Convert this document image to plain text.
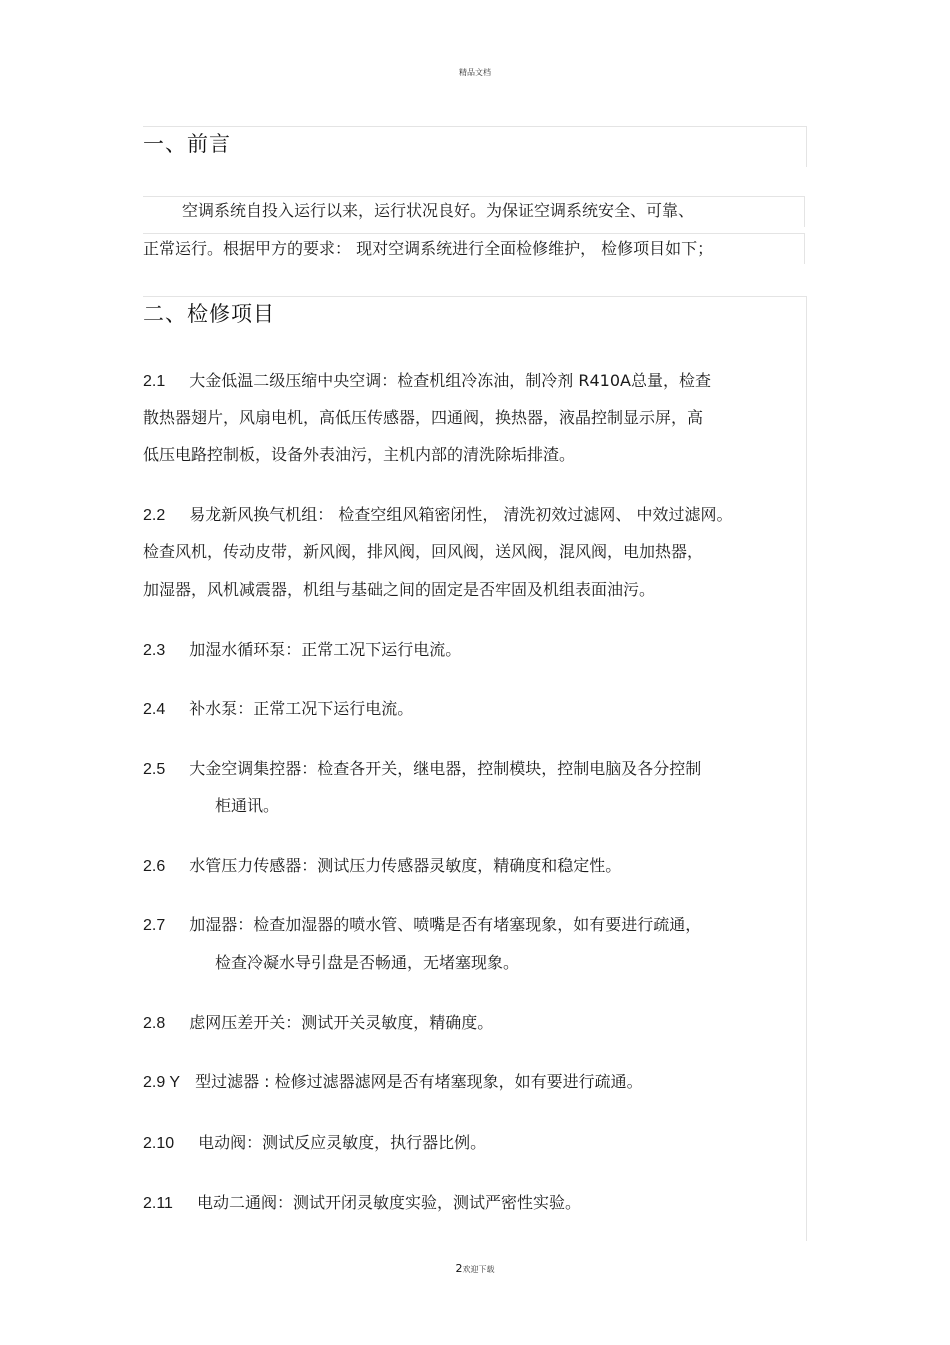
精品文档
一、前言
空调系统自投入运行以来，运行状况良好。为保证空调系统安全、可靠、
正常运行。根据甲方的要求： 现对空调系统进行全面检修维护， 检修项目如下；
二、检修项目
2.1 大金低温二级压缩中央空调：检查机组冷冻油，制冷剂 R410A总量，检查
散热器翅片，风扇电机，高低压传感器，四通阀，换热器，液晶控制显示屏，高
低压电路控制板，设备外表油污，主机内部的清洗除垢排渣。
2.2 易龙新风换气机组： 检查空组风箱密闭性， 清洗初效过滤网、 中效过滤网。
检查风机，传动皮带，新风阀，排风阀，回风阀，送风阀，混风阀，电加热器，
加湿器，风机减震器，机组与基础之间的固定是否牢固及机组表面油污。
2.3 加湿水循环泵：正常工况下运行电流。
2.4 补水泵：正常工况下运行电流。
2.5 大金空调集控器：检查各开关，继电器，控制模块，控制电脑及各分控制
柜通讯。
2.6 水管压力传感器：测试压力传感器灵敏度，精确度和稳定性。
2.7 加湿器：检查加湿器的喷水管、喷嘴是否有堵塞现象，如有要进行疏通，
检查冷凝水导引盘是否畅通，无堵塞现象。
2.8 虑网压差开关：测试开关灵敏度，精确度。
2.9 Y 型过滤器 : 检修过滤器滤网是否有堵塞现象，如有要进行疏通。
2.10 电动阀：测试反应灵敏度，执行器比例。
2.11 电动二通阀：测试开闭灵敏度实验，测试严密性实验。
2欢迎下载
